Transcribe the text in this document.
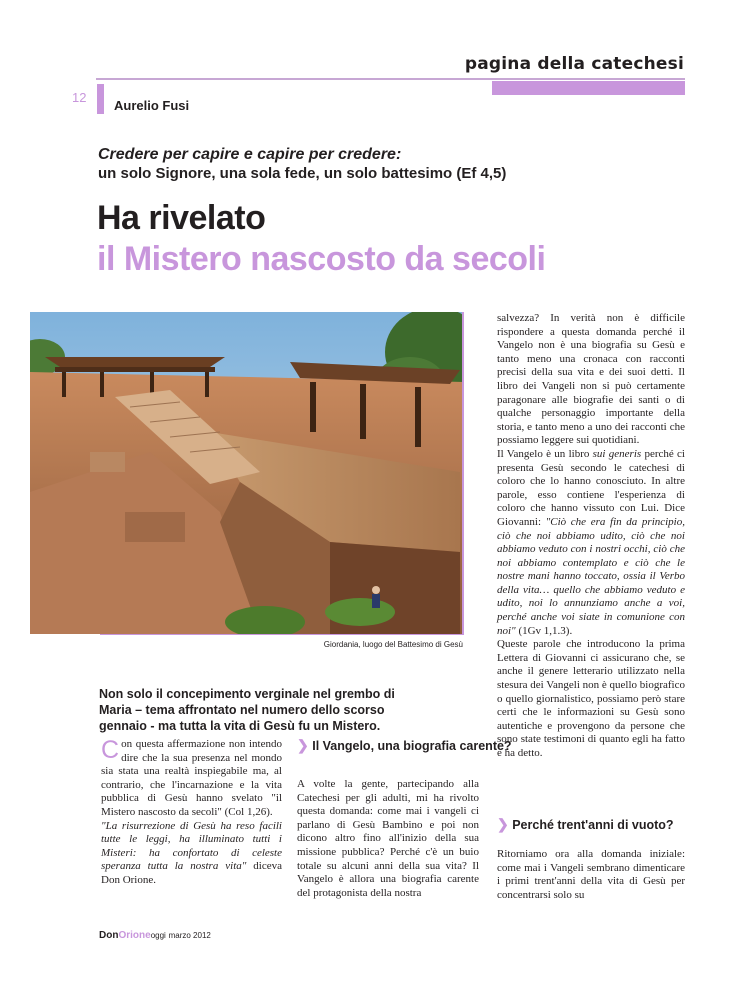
pagina della catechesi
12
Aurelio Fusi
Credere per capire e capire per credere:
un solo Signore, una sola fede, un solo battesimo (Ef 4,5)
Ha rivelato
il Mistero nascosto da secoli
Giordania, luogo del Battesimo di Gesù
Non solo il concepimento verginale nel grembo di Maria – tema affrontato nel numero dello scorso gennaio - ma tutta la vita di Gesù fu un Mistero.

Con questa affermazione non intendo dire che la sua presenza nel mondo sia stata una realtà inspiegabile ma, al contrario, che l'incarnazione e la vita pubblica di Gesù hanno svelato "il Mistero nascosto da secoli" (Col 1,26).

"La risurrezione di Gesù ha reso facili tutte le leggi, ha illuminato tutti i Misteri: ha confortato di celeste speranza tutta la nostra vita" diceva Don Orione.

❯ Il Vangelo, una biografia carente?

A volte la gente, partecipando alla Catechesi per gli adulti, mi ha rivolto questa domanda: come mai i vangeli ci parlano di Gesù Bambino e poi non dicono altro fino all'inizio della sua missione pubblica? Perché c'è un buio totale su alcuni anni della sua vita? Il Vangelo è allora una biografia carente del protagonista della nostra

salvezza? In verità non è difficile rispondere a questa domanda perché il Vangelo non è una biografia su Gesù e tanto meno una cronaca con racconti precisi della sua vita e dei suoi detti. Il libro dei Vangeli non si può certamente paragonare alle biografie dei santi o di qualche personaggio importante della storia, e tanto meno a uno dei racconti che possiamo leggere sui quotidiani.

Il Vangelo è un libro sui generis perché ci presenta Gesù secondo le catechesi di coloro che lo hanno conosciuto. In altre parole, esso contiene l'esperienza di coloro che hanno vissuto con Lui. Dice Giovanni: "Ciò che era fin da principio, ciò che noi abbiamo udito, ciò che noi abbiamo veduto con i nostri occhi, ciò che noi abbiamo contemplato e ciò che le nostre mani hanno toccato, ossia il Verbo della vita… quello che abbiamo veduto e udito, noi lo annunziamo anche a voi, perché anche voi siate in comunione con noi" (1Gv 1,1.3).

Queste parole che introducono la prima Lettera di Giovanni ci assicurano che, se anche il genere letterario utilizzato nella stesura dei Vangeli non è quello biografico o quello giornalistico, possiamo però stare certi che le informazioni su Gesù sono autentiche e provengono da persone che sono state testimoni di quanto egli ha fatto e ha detto.

❯ Perché trent'anni di vuoto?

Ritorniamo ora alla domanda iniziale: come mai i Vangeli sembrano dimenticare i primi trent'anni della vita di Gesù per concentrarsi solo su

DonOrioneoggi marzo 2012
